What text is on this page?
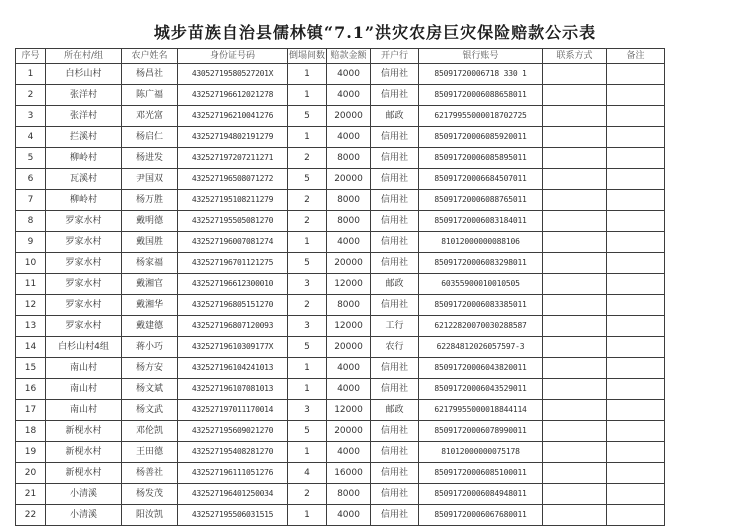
城步苗族自治县儒林镇“7.1”洪灾农房巨灾保险赔款公示表
序号	所在村/组	农户姓名	身份证号码	倒塌间数	赔款金额	开户行	银行账号	联系方式	备注
1	白杉山村	杨昌社	43052719580527201X	1	4000	信用社	85091720006718 330 1		
2	张洋村	陈广福	432527196612021278	1	4000	信用社	85091720006088658011		
3	张洋村	邓光富	432527196210041276	5	20000	邮政	62179955000018702725		
4	拦溪村	杨启仁	432527194802191279	1	4000	信用社	85091720006085920011		
5	柳岭村	杨进发	432527197207211271	2	8000	信用社	85091720006085895011		
6	瓦溪村	尹国双	432527196508071272	5	20000	信用社	85091720006684507011		
7	柳岭村	杨万胜	432527195108211279	2	8000	信用社	85091720006088765011		
8	罗家水村	戴明德	432527195505081270	2	8000	信用社	85091720006083184011		
9	罗家水村	戴国胜	432527196007081274	1	4000	信用社	81012000000088106		
10	罗家水村	杨家福	432527196701121275	5	20000	信用社	85091720006083298011		
11	罗家水村	戴湘官	432527196612300010	3	12000	邮政	60355900010010505		
12	罗家水村	戴湘华	432527196805151270	2	8000	信用社	85091720006083385011		
13	罗家水村	戴建德	432527196807120093	3	12000	工行	62122820070030288587		
14	白杉山村4组	蒋小巧	43252719610309177X	5	20000	农行	62284812026057597-3		
15	南山村	杨方安	432527196104241013	1	4000	信用社	85091720006043820011		
16	南山村	杨文斌	432527196107081013	1	4000	信用社	85091720006043529011		
17	南山村	杨文武	432527197011170014	3	12000	邮政	62179955000018844114		
18	新枧水村	邓伦凯	432527195609021270	5	20000	信用社	85091720006078990011		
19	新枧水村	王田德	432527195408281270	1	4000	信用社	81012000000075178		
20	新枧水村	杨善社	432527196111051276	4	16000	信用社	85091720006085100011		
21	小清溪	杨发茂	432527196401250034	2	8000	信用社	85091720006084948011		
22	小清溪	阳汝凯	432527195506031515	1	4000	信用社	85091720006067680011		
